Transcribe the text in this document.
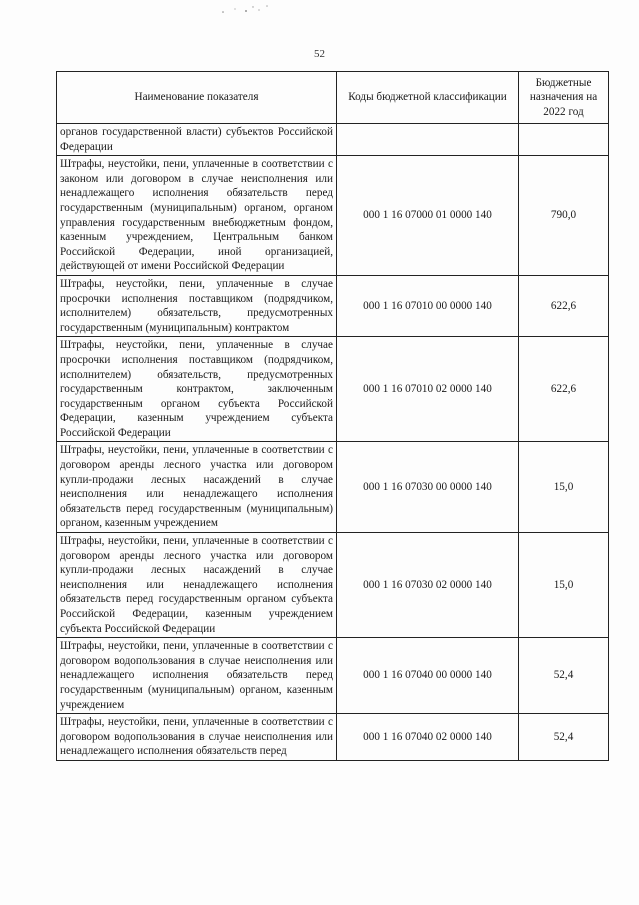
52
Наименование показателя	Коды бюджетной классификации	Бюджетные назначения на 2022 год
органов государственной власти) субъектов Российской Федерации		
Штрафы, неустойки, пени, уплаченные в соответствии с законом или договором в случае неисполнения или ненадлежащего исполнения обязательств перед государственным (муниципальным) органом, органом управления государственным внебюджетным фондом, казенным учреждением, Центральным банком Российской Федерации, иной организацией, действующей от имени Российской Федерации	000 1 16 07000 01 0000 140	790,0
Штрафы, неустойки, пени, уплаченные в случае просрочки исполнения поставщиком (подрядчиком, исполнителем) обязательств, предусмотренных государственным (муниципальным) контрактом	000 1 16 07010 00 0000 140	622,6
Штрафы, неустойки, пени, уплаченные в случае просрочки исполнения поставщиком (подрядчиком, исполнителем) обязательств, предусмотренных государственным контрактом, заключенным государственным органом субъекта Российской Федерации, казенным учреждением субъекта Российской Федерации	000 1 16 07010 02 0000 140	622,6
Штрафы, неустойки, пени, уплаченные в соответствии с договором аренды лесного участка или договором купли-продажи лесных насаждений в случае неисполнения или ненадлежащего исполнения обязательств перед государственным (муниципальным) органом, казенным учреждением	000 1 16 07030 00 0000 140	15,0
Штрафы, неустойки, пени, уплаченные в соответствии с договором аренды лесного участка или договором купли-продажи лесных насаждений в случае неисполнения или ненадлежащего исполнения обязательств перед государственным органом субъекта Российской Федерации, казенным учреждением субъекта Российской Федерации	000 1 16 07030 02 0000 140	15,0
Штрафы, неустойки, пени, уплаченные в соответствии с договором водопользования в случае неисполнения или ненадлежащего исполнения обязательств перед государственным (муниципальным) органом, казенным учреждением	000 1 16 07040 00 0000 140	52,4
Штрафы, неустойки, пени, уплаченные в соответствии с договором водопользования в случае неисполнения или ненадлежащего исполнения обязательств перед	000 1 16 07040 02 0000 140	52,4
